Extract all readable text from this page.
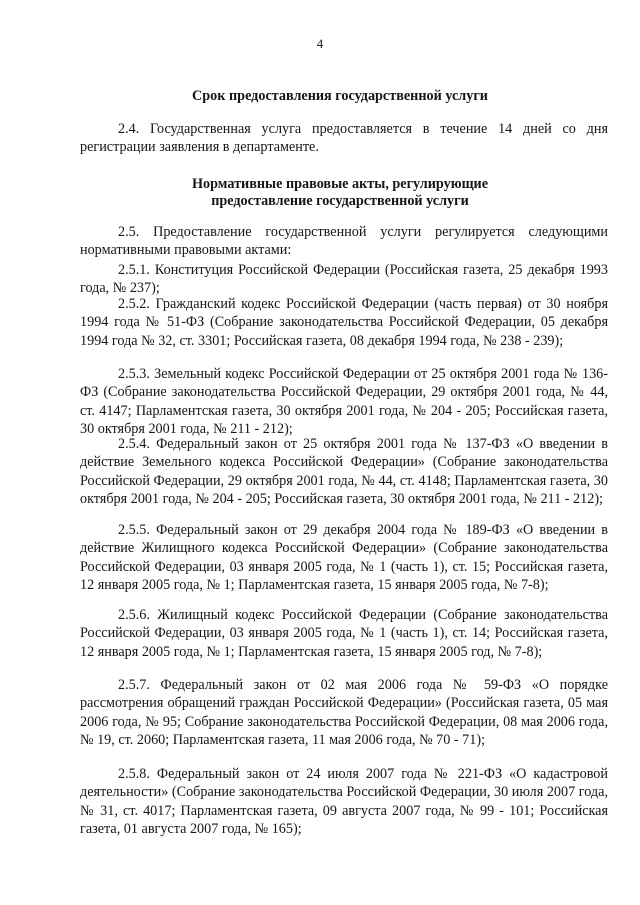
4
Срок предоставления государственной услуги
2.4. Государственная услуга предоставляется в течение 14 дней со дня регистрации заявления в департаменте.
Нормативные правовые акты, регулирующие предоставление государственной услуги
2.5. Предоставление государственной услуги регулируется следующими нормативными правовыми актами:
2.5.1. Конституция Российской Федерации (Российская газета, 25 декабря 1993 года, № 237);
2.5.2. Гражданский кодекс Российской Федерации (часть первая) от 30 ноября 1994 года № 51-ФЗ (Собрание законодательства Российской Федерации, 05 декабря 1994 года № 32, ст. 3301; Российская газета, 08 декабря 1994 года, № 238 - 239);
2.5.3. Земельный кодекс Российской Федерации от 25 октября 2001 года № 136-ФЗ (Собрание законодательства Российской Федерации, 29 октября 2001 года, № 44, ст. 4147; Парламентская газета, 30 октября 2001 года, № 204 - 205; Российская газета, 30 октября 2001 года, № 211 - 212);
2.5.4. Федеральный закон от 25 октября 2001 года № 137-ФЗ «О введении в действие Земельного кодекса Российской Федерации» (Собрание законодательства Российской Федерации, 29 октября 2001 года, № 44, ст. 4148; Парламентская газета, 30 октября 2001 года, № 204 - 205; Российская газета, 30 октября 2001 года, № 211 - 212);
2.5.5. Федеральный закон от 29 декабря 2004 года № 189-ФЗ «О введении в действие Жилищного кодекса Российской Федерации» (Собрание законодательства Российской Федерации, 03 января 2005 года, № 1 (часть 1), ст. 15; Российская газета, 12 января 2005 года, № 1; Парламентская газета, 15 января 2005 года, № 7-8);
2.5.6. Жилищный кодекс Российской Федерации (Собрание законодательства Российской Федерации, 03 января 2005 года, № 1 (часть 1), ст. 14; Российская газета, 12 января 2005 года, № 1; Парламентская газета, 15 января 2005 год, № 7-8);
2.5.7. Федеральный закон от 02 мая 2006 года № 59-ФЗ «О порядке рассмотрения обращений граждан Российской Федерации» (Российская газета, 05 мая 2006 года, № 95; Собрание законодательства Российской Федерации, 08 мая 2006 года, № 19, ст. 2060; Парламентская газета, 11 мая 2006 года, № 70 - 71);
2.5.8. Федеральный закон от 24 июля 2007 года № 221-ФЗ «О кадастровой деятельности» (Собрание законодательства Российской Федерации, 30 июля 2007 года, № 31, ст. 4017; Парламентская газета, 09 августа 2007 года, № 99 - 101; Российская газета, 01 августа 2007 года, № 165);
